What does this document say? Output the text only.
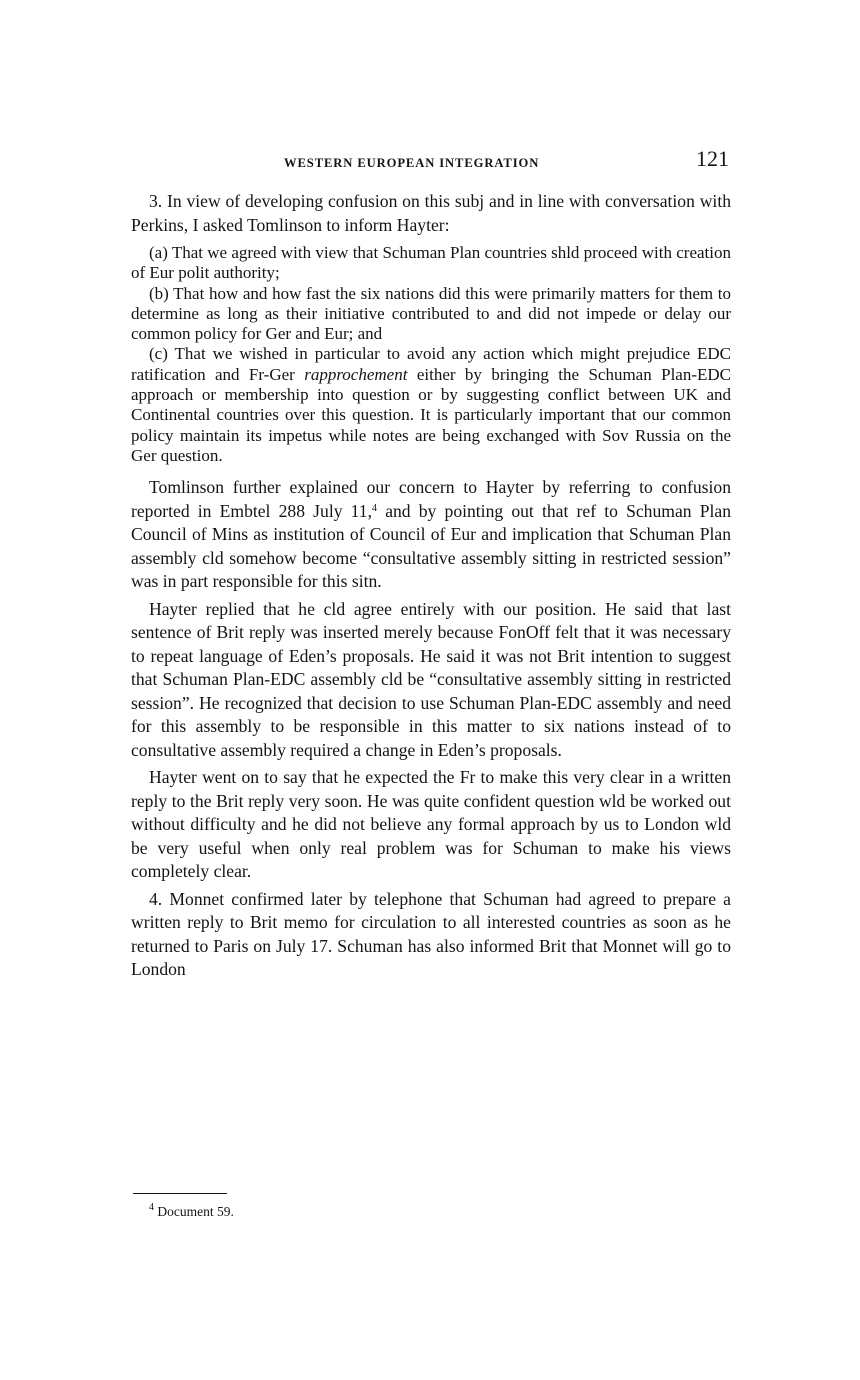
WESTERN EUROPEAN INTEGRATION	121

3. In view of developing confusion on this subj and in line with conversation with Perkins, I asked Tomlinson to inform Hayter:

(a) That we agreed with view that Schuman Plan countries shld proceed with creation of Eur polit authority;

(b) That how and how fast the six nations did this were primarily matters for them to determine as long as their initiative contributed to and did not impede or delay our common policy for Ger and Eur; and

(c) That we wished in particular to avoid any action which might prejudice EDC ratification and Fr-Ger rapprochement either by bringing the Schuman Plan-EDC approach or membership into question or by suggesting conflict between UK and Continental countries over this question. It is particularly important that our common policy maintain its impetus while notes are being exchanged with Sov Russia on the Ger question.

Tomlinson further explained our concern to Hayter by referring to confusion reported in Embtel 288 July 11,$^4$ and by pointing out that ref to Schuman Plan Council of Mins as institution of Council of Eur and implication that Schuman Plan assembly cld somehow become “consultative assembly sitting in restricted session” was in part responsible for this sitn.

Hayter replied that he cld agree entirely with our position. He said that last sentence of Brit reply was inserted merely because FonOff felt that it was necessary to repeat language of Eden’s proposals. He said it was not Brit intention to suggest that Schuman Plan-EDC assembly cld be “consultative assembly sitting in restricted session”. He recognized that decision to use Schuman Plan-EDC assembly and need for this assembly to be responsible in this matter to six nations instead of to consultative assembly required a change in Eden’s proposals.

Hayter went on to say that he expected the Fr to make this very clear in a written reply to the Brit reply very soon. He was quite confident question wld be worked out without difficulty and he did not believe any formal approach by us to London wld be very useful when only real problem was for Schuman to make his views completely clear.

4. Monnet confirmed later by telephone that Schuman had agreed to prepare a written reply to Brit memo for circulation to all interested countries as soon as he returned to Paris on July 17. Schuman has also informed Brit that Monnet will go to London

$^4$ Document 59.
